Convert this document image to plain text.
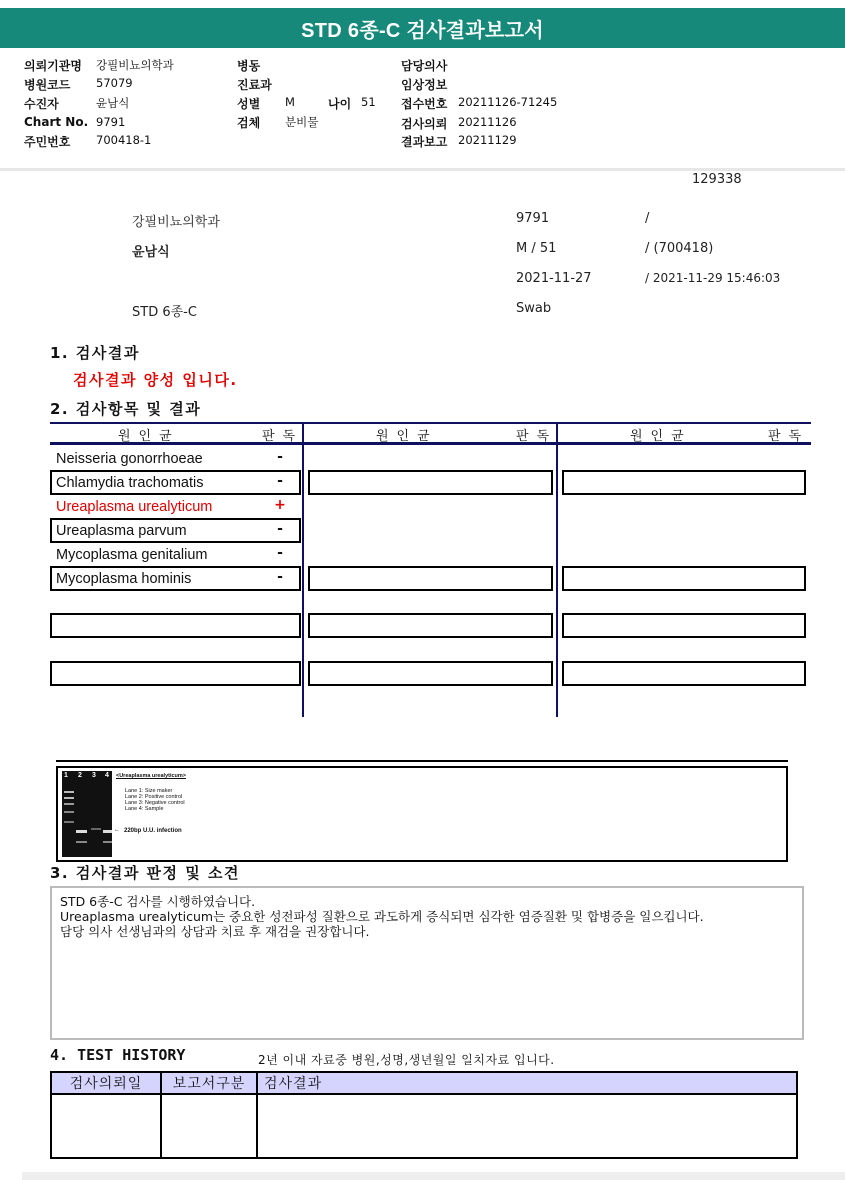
STD 6종-C 검사결과보고서
의뢰기관명 강필비뇨의학과
병원코드 57079
수진자	윤남식
Chart No. 9791
주민번호 700418-1
병동
진료과
성별 M	나이 51
검체 분비물
담당의사
임상정보
접수번호 20211126-71245
검사의뢰 20211126
결과보고 20211129
129338
강필비뇨의학과	9791	/
윤남식	M / 51	/ (700418)
2021-11-27	/ 2021-11-29 15:46:03
STD 6종-C	Swab
1. 검사결과
검사결과 양성 입니다.
2. 검사항목 및 결과
원인균	판독	원인균	판독	원인균	판독
Neisseria gonorrhoeae	-
Chlamydia trachomatis	-
Ureaplasma urealyticum	+
Ureaplasma parvum	-
Mycoplasma genitalium	-
Mycoplasma hominis	-
1 2 3 4 <Ureaplasma urealyticum>
Lane 1: Size maker
Lane 2: Positive control
Lane 3: Negative control
Lane 4: Sample
← 220bp U.U. infection
3. 검사결과 판정 및 소견
STD 6종-C 검사를 시행하였습니다.
Ureaplasma urealyticum는 중요한 성전파성 질환으로 과도하게 증식되면 심각한 염증질환 및 합병증을 일으킵니다.
담당 의사 선생님과의 상담과 치료 후 재검을 권장합니다.
4. TEST HISTORY	2년 이내 자료중 병원,성명,생년월일 일치자료 입니다.
검사의뢰일	보고서구분	검사결과
